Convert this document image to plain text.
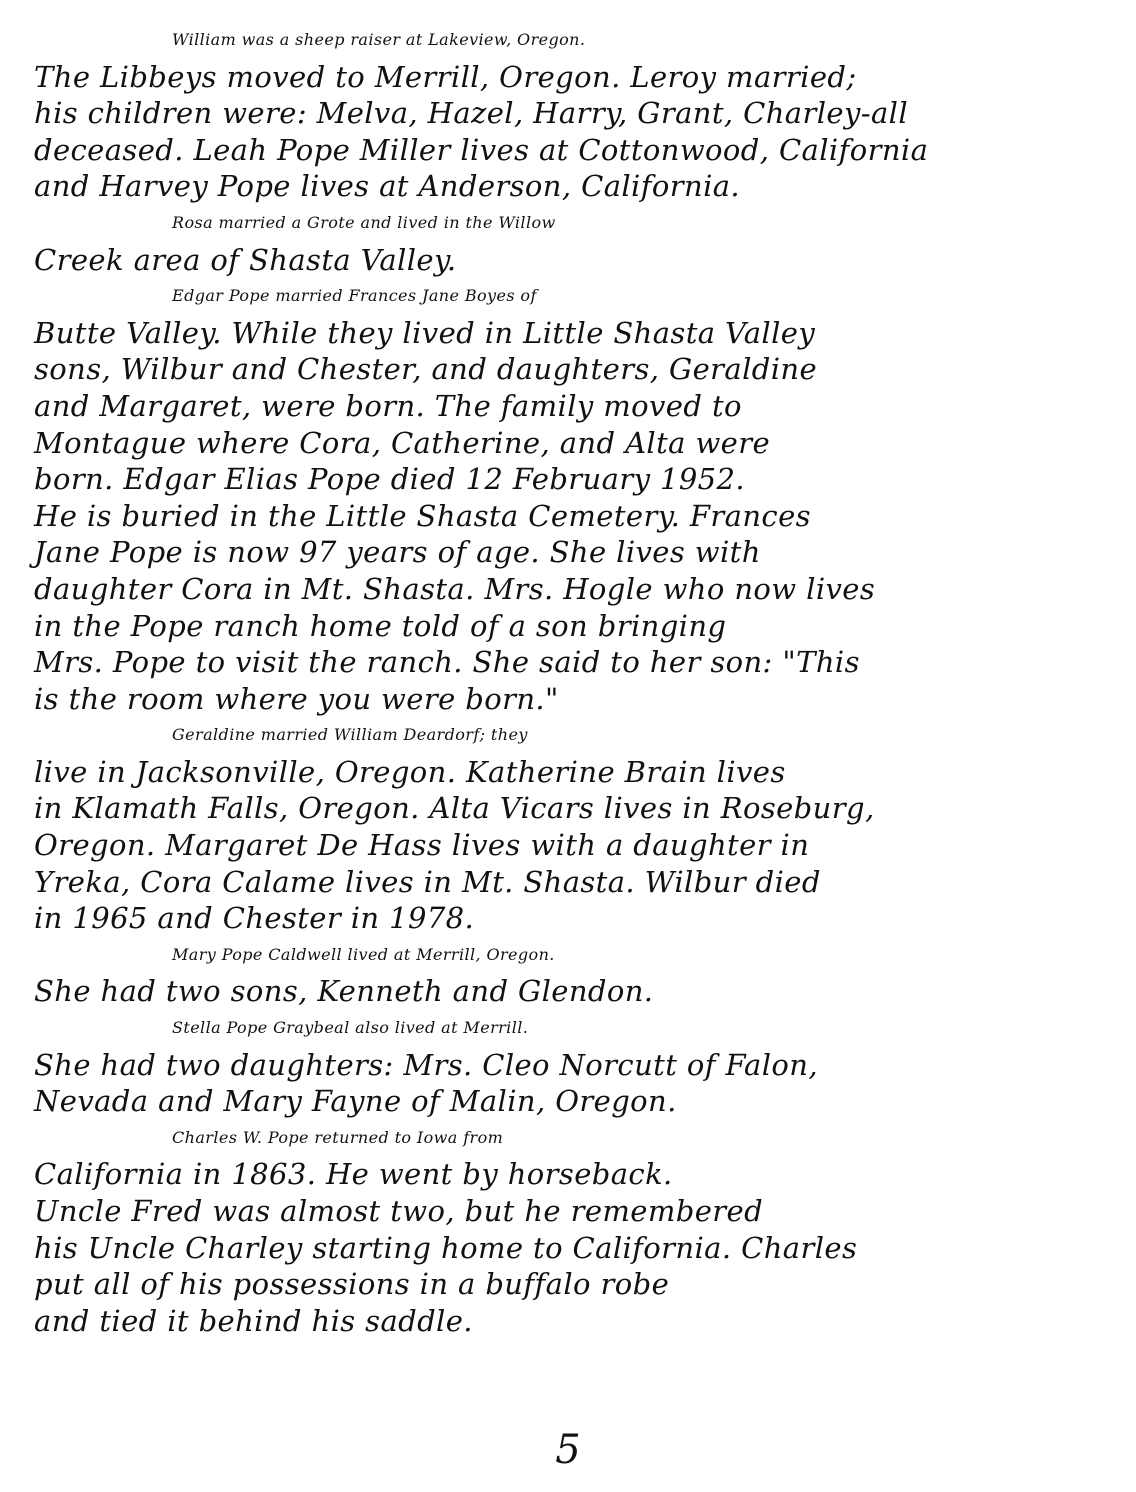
William was a sheep raiser at Lakeview, Oregon.
The Libbeys moved to Merrill, Oregon. Leroy married;
his children were: Melva, Hazel, Harry, Grant, Charley-all
deceased. Leah Pope Miller lives at Cottonwood, California
and Harvey Pope lives at Anderson, California.
Rosa married a Grote and lived in the Willow
Creek area of Shasta Valley.
Edgar Pope married Frances Jane Boyes of
Butte Valley. While they lived in Little Shasta Valley
sons, Wilbur and Chester, and daughters, Geraldine
and Margaret, were born. The family moved to
Montague where Cora, Catherine, and Alta were
born. Edgar Elias Pope died 12 February 1952.
He is buried in the Little Shasta Cemetery. Frances
Jane Pope is now 97 years of age. She lives with
daughter Cora in Mt. Shasta. Mrs. Hogle who now lives
in the Pope ranch home told of a son bringing
Mrs. Pope to visit the ranch. She said to her son: "This
is the room where you were born."
Geraldine married William Deardorf; they
live in Jacksonville, Oregon. Katherine Brain lives
in Klamath Falls, Oregon. Alta Vicars lives in Roseburg,
Oregon. Margaret De Hass lives with a daughter in
Yreka, Cora Calame lives in Mt. Shasta. Wilbur died
in 1965 and Chester in 1978.
Mary Pope Caldwell lived at Merrill, Oregon.
She had two sons, Kenneth and Glendon.
Stella Pope Graybeal also lived at Merrill.
She had two daughters: Mrs. Cleo Norcutt of Falon,
Nevada and Mary Fayne of Malin, Oregon.
Charles W. Pope returned to Iowa from
California in 1863. He went by horseback.
Uncle Fred was almost two, but he remembered
his Uncle Charley starting home to California. Charles
put all of his possessions in a buffalo robe
and tied it behind his saddle.
5
